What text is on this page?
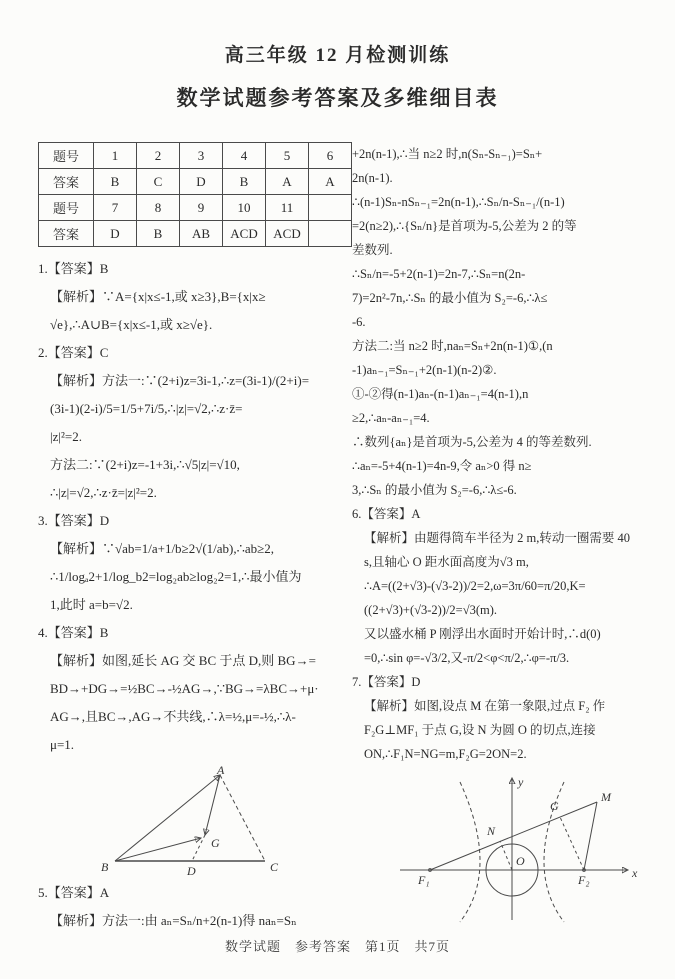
高三年级 12 月检测训练
数学试题参考答案及多维细目表
题号	1	2	3	4	5	6
答案	B	C	D	B	A	A
题号	7	8	9	10	11	
答案	D	B	AB	ACD	ACD	
1.【答案】B
【解析】∵A={x|x≤-1,或 x≥3},B={x|x≥
√e},∴A∪B={x|x≤-1,或 x≥√e}.
2.【答案】C
【解析】方法一:∵(2+i)z=3i-1,∴z=(3i-1)/(2+i)=
(3i-1)(2-i)/5=1/5+7i/5,∴|z|=√2,∴z·z̄=
|z|²=2.
方法二:∵(2+i)z=-1+3i,∴√5|z|=√10,
∴|z|=√2,∴z·z̄=|z|²=2.
3.【答案】D
【解析】∵√ab=1/a+1/b≥2√(1/ab),∴ab≥2,
∴1/logₐ2+1/log_b2=log₂ab≥log₂2=1,∴最小值为
1,此时 a=b=√2.
4.【答案】B
【解析】如图,延长 AG 交 BC 于点 D,则 BG→=
BD→+DG→=½BC→-½AG→,∵BG→=λBC→+μ·
AG→,且BC→,AG→不共线,∴λ=½,μ=-½,∴λ-
μ=1.
A
B	C
D
G
5.【答案】A
【解析】方法一:由 aₙ=Sₙ/n+2(n-1)得 naₙ=Sₙ
+2n(n-1),∴当 n≥2 时,n(Sₙ-Sₙ₋₁)=Sₙ+
2n(n-1).
∴(n-1)Sₙ-nSₙ₋₁=2n(n-1),∴Sₙ/n-Sₙ₋₁/(n-1)
=2(n≥2),∴{Sₙ/n}是首项为-5,公差为 2 的等
差数列.
∴Sₙ/n=-5+2(n-1)=2n-7,∴Sₙ=n(2n-
7)=2n²-7n,∴Sₙ 的最小值为 S₂=-6,∴λ≤
-6.
方法二:当 n≥2 时,naₙ=Sₙ+2n(n-1)①,(n
-1)aₙ₋₁=Sₙ₋₁+2(n-1)(n-2)②.
①-②得(n-1)aₙ-(n-1)aₙ₋₁=4(n-1),n
≥2,∴aₙ-aₙ₋₁=4.
∴数列{aₙ}是首项为-5,公差为 4 的等差数列.
∴aₙ=-5+4(n-1)=4n-9,令 aₙ>0 得 n≥
3,∴Sₙ 的最小值为 S₂=-6,∴λ≤-6.
6.【答案】A
【解析】由题得筒车半径为 2 m,转动一圈需要 40
s,且轴心 O 距水面高度为√3 m,
∴A=((2+√3)-(√3-2))/2=2,ω=3π/60=π/20,K=
((2+√3)+(√3-2))/2=√3(m).
又以盛水桶 P 刚浮出水面时开始计时,∴d(0)
=0,∴sin φ=-√3/2,又-π/2<φ<π/2,∴φ=-π/3.
7.【答案】D
【解析】如图,设点 M 在第一象限,过点 F₂ 作
F₂G⊥MF₁ 于点 G,设 N 为圆 O 的切点,连接
ON,∴F₁N=NG=m,F₂G=2ON=2.
y
x
O
F₁	F₂
N
G
M
数学试题　参考答案　第1页　共7页
